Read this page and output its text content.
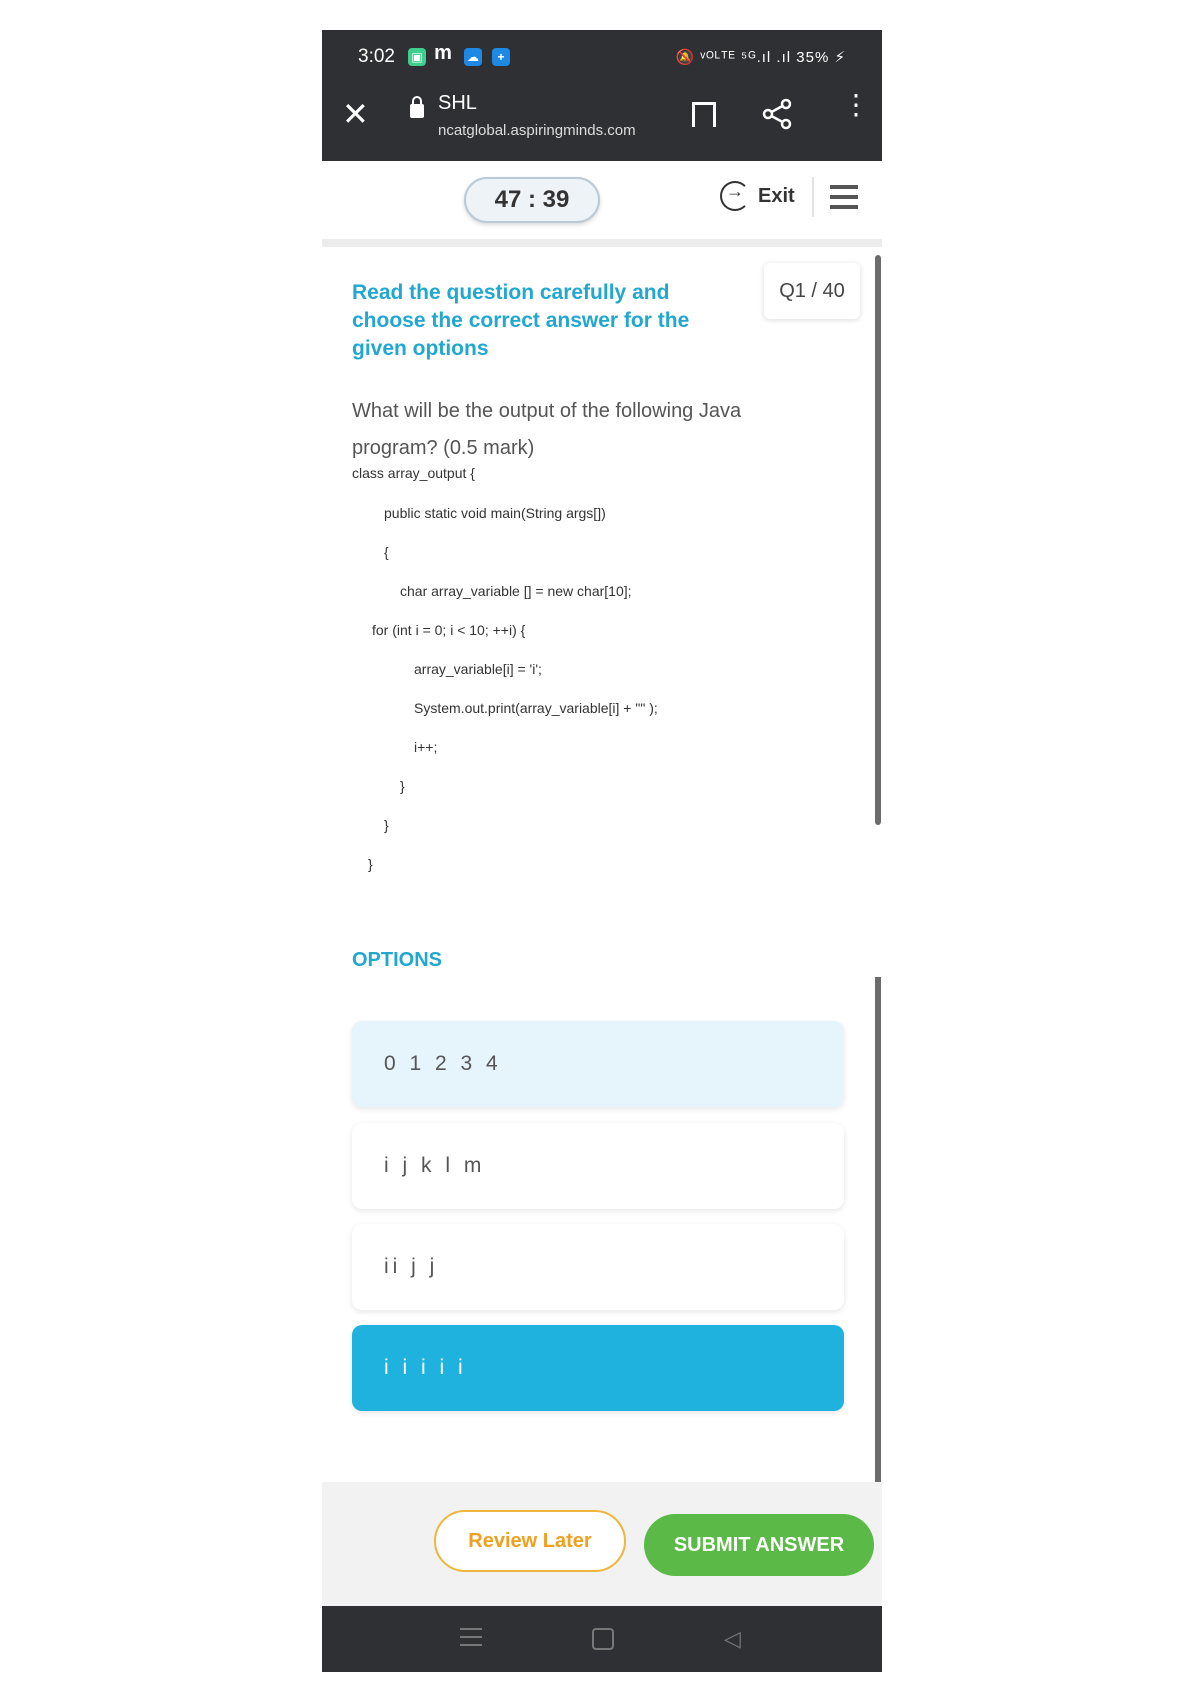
3:02 ▣ m ☁	+	🔕 ᵛᴼᴸᵀᴱ ⁵ᴳ.ıl .ıl 35% ⚡
✕	SHL
ncatglobal.aspiringminds.com
⋮
47 : 39
→	Exit
Read the question carefully and choose the correct answer for the given options
Q1 / 40
What will be the output of the following Java program? (0.5 mark)
class array_output {
public static void main(String args[])
{
char array_variable [] = new char[10];
for (int i = 0; i < 10; ++i) {
array_variable[i] = 'i';
System.out.print(array_variable[i] + "" );
i++;
}
}
}
OPTIONS
0 1 2 3 4
i j k l m
ii j j
i i i i i
Review Later	SUBMIT ANSWER
◁
